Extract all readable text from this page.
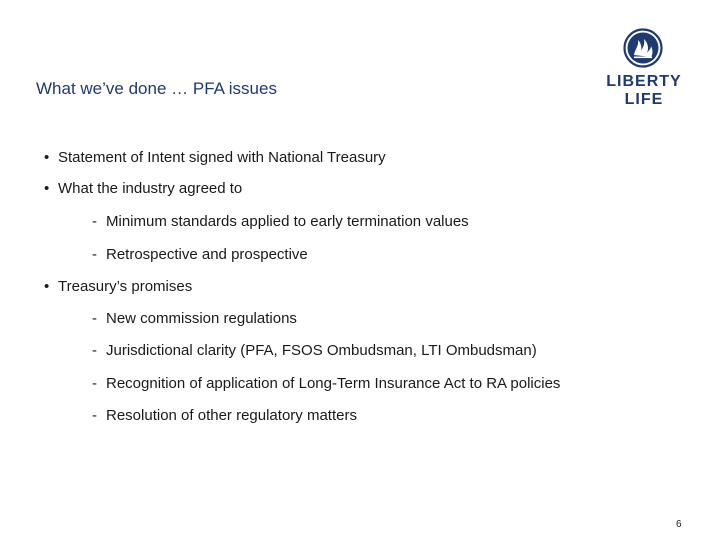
What we’ve done … PFA issues	LIBERTY
LIFE
• Statement of Intent signed with National Treasury
• What the industry agreed to
- Minimum standards applied to early termination values
- Retrospective and prospective
• Treasury’s promises
- New commission regulations
- Jurisdictional clarity (PFA, FSOS Ombudsman, LTI Ombudsman)
- Recognition of application of Long-Term Insurance Act to RA policies
- Resolution of other regulatory matters
6
